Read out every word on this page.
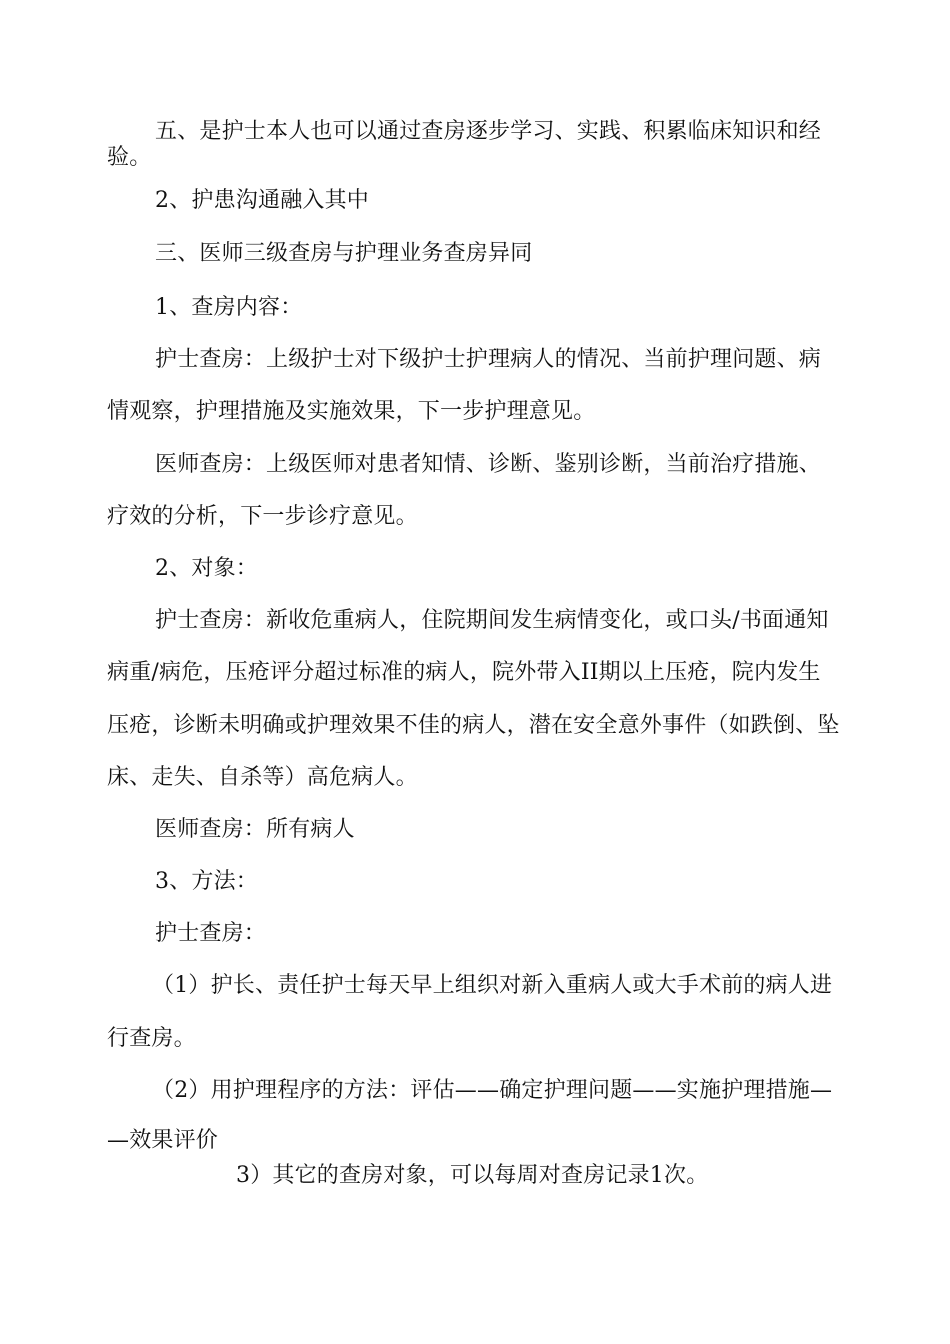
五、是护士本人也可以通过查房逐步学习、实践、积累临床知识和经
验。
2、护患沟通融入其中
三、医师三级查房与护理业务查房异同
1、查房内容：
护士查房：上级护士对下级护士护理病人的情况、当前护理问题、病
情观察，护理措施及实施效果，下一步护理意见。
医师查房：上级医师对患者知情、诊断、鉴别诊断，当前治疗措施、
疗效的分析，下一步诊疗意见。
2、对象：
护士查房：新收危重病人，住院期间发生病情变化，或口头/书面通知
病重/病危，压疮评分超过标准的病人，院外带入II期以上压疮，院内发生
压疮，诊断未明确或护理效果不佳的病人，潜在安全意外事件（如跌倒、坠
床、走失、自杀等）高危病人。
医师查房：所有病人
3、方法：
护士查房：
（1）护长、责任护士每天早上组织对新入重病人或大手术前的病人进
行查房。
（2）用护理程序的方法：评估——确定护理问题——实施护理措施—
—效果评价
3）其它的查房对象，可以每周对查房记录1次。
